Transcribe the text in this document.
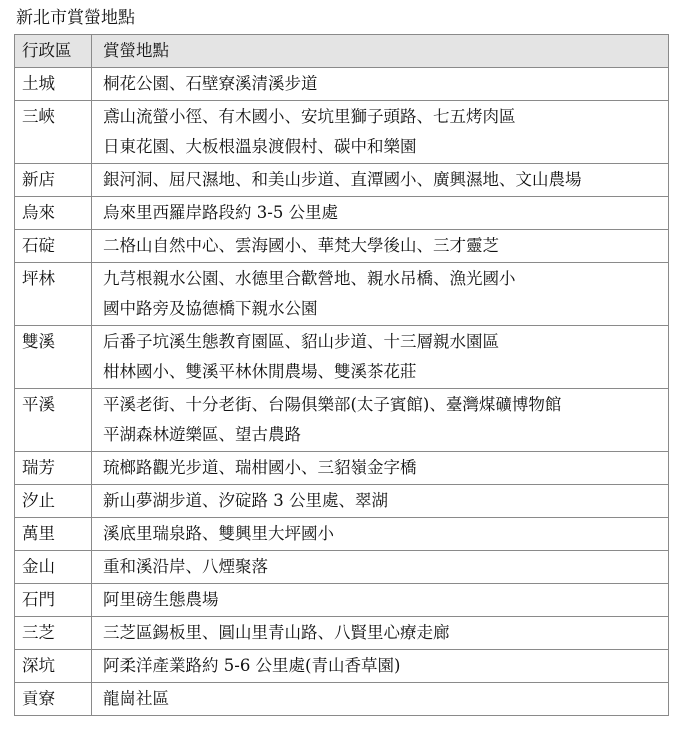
新北市賞螢地點
行政區	賞螢地點

土城	桐花公園、石壁寮溪清溪步道

三峽	鳶山流螢小徑、有木國小、安坑里獅子頭路、七五烤肉區
日東花園、大板根溫泉渡假村、碳中和樂園

新店	銀河洞、屈尺濕地、和美山步道、直潭國小、廣興濕地、文山農場

烏來	烏來里西羅岸路段約 3-5 公里處

石碇	二格山自然中心、雲海國小、華梵大學後山、三才靈芝

坪林	九芎根親水公園、水德里合歡營地、親水吊橋、漁光國小
國中路旁及協德橋下親水公園

雙溪	后番子坑溪生態教育園區、貂山步道、十三層親水園區
柑林國小、雙溪平林休閒農場、雙溪茶花莊

平溪	平溪老街、十分老街、台陽俱樂部(太子賓館)、臺灣煤礦博物館
平湖森林遊樂區、望古農路

瑞芳	琉榔路觀光步道、瑞柑國小、三貂嶺金字橋

汐止	新山夢湖步道、汐碇路 3 公里處、翠湖

萬里	溪底里瑞泉路、雙興里大坪國小

金山	重和溪沿岸、八煙聚落

石門	阿里磅生態農場

三芝	三芝區錫板里、圓山里青山路、八賢里心療走廊

深坑	阿柔洋產業路約 5-6 公里處(青山香草園)

貢寮	龍崗社區
